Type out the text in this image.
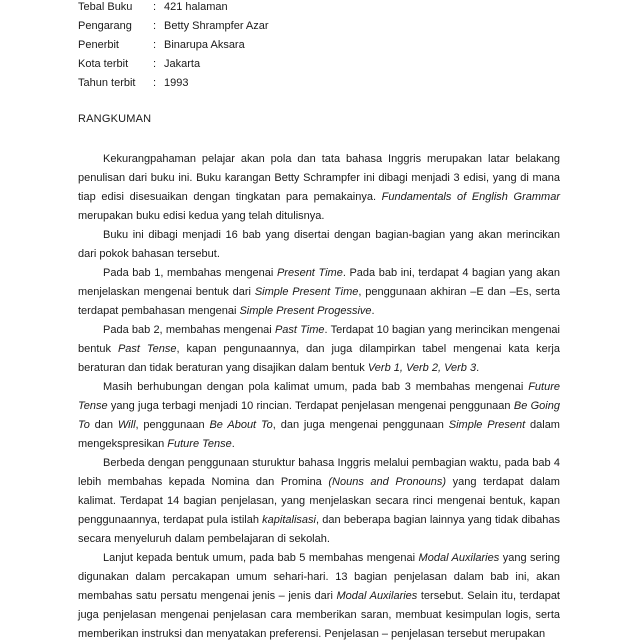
Tebal Buku : 421 halaman
Pengarang : Betty Shrampfer Azar
Penerbit	: Binarupa Aksara
Kota terbit : Jakarta
Tahun terbit : 1993
RANGKUMAN

Kekurangpahaman pelajar akan pola dan tata bahasa Inggris merupakan latar belakang penulisan dari buku ini. Buku karangan Betty Schrampfer ini dibagi menjadi 3 edisi, yang di mana tiap edisi disesuaikan dengan tingkatan para pemakainya. Fundamentals of English Grammar merupakan buku edisi kedua yang telah ditulisnya.

Buku ini dibagi menjadi 16 bab yang disertai dengan bagian-bagian yang akan merincikan dari pokok bahasan tersebut.

Pada bab 1, membahas mengenai Present Time. Pada bab ini, terdapat 4 bagian yang akan menjelaskan mengenai bentuk dari Simple Present Time, penggunaan akhiran –E dan –Es, serta terdapat pembahasan mengenai Simple Present Progessive.

Pada bab 2, membahas mengenai Past Time. Terdapat 10 bagian yang merincikan mengenai bentuk Past Tense, kapan pengunaannya, dan juga dilampirkan tabel mengenai kata kerja beraturan dan tidak beraturan yang disajikan dalam bentuk Verb 1, Verb 2, Verb 3.

Masih berhubungan dengan pola kalimat umum, pada bab 3 membahas mengenai Future Tense yang juga terbagi menjadi 10 rincian. Terdapat penjelasan mengenai penggunaan Be Going To dan Will, penggunaan Be About To, dan juga mengenai penggunaan Simple Present dalam mengekspresikan Future Tense.

Berbeda dengan penggunaan sturuktur bahasa Inggris melalui pembagian waktu, pada bab 4 lebih membahas kepada Nomina dan Promina (Nouns and Pronouns) yang terdapat dalam kalimat. Terdapat 14 bagian penjelasan, yang menjelaskan secara rinci mengenai bentuk, kapan penggunaannya, terdapat pula istilah kapitalisasi, dan beberapa bagian lainnya yang tidak dibahas secara menyeluruh dalam pembelajaran di sekolah.

Lanjut kepada bentuk umum, pada bab 5 membahas mengenai Modal Auxilaries yang sering digunakan dalam percakapan umum sehari-hari. 13 bagian penjelasan dalam bab ini, akan membahas satu persatu mengenai jenis – jenis dari Modal Auxilaries tersebut. Selain itu, terdapat juga penjelasan mengenai penjelasan cara memberikan saran, membuat kesimpulan logis, serta memberikan instruksi dan menyatakan preferensi. Penjelasan – penjelasan tersebut merupakan
